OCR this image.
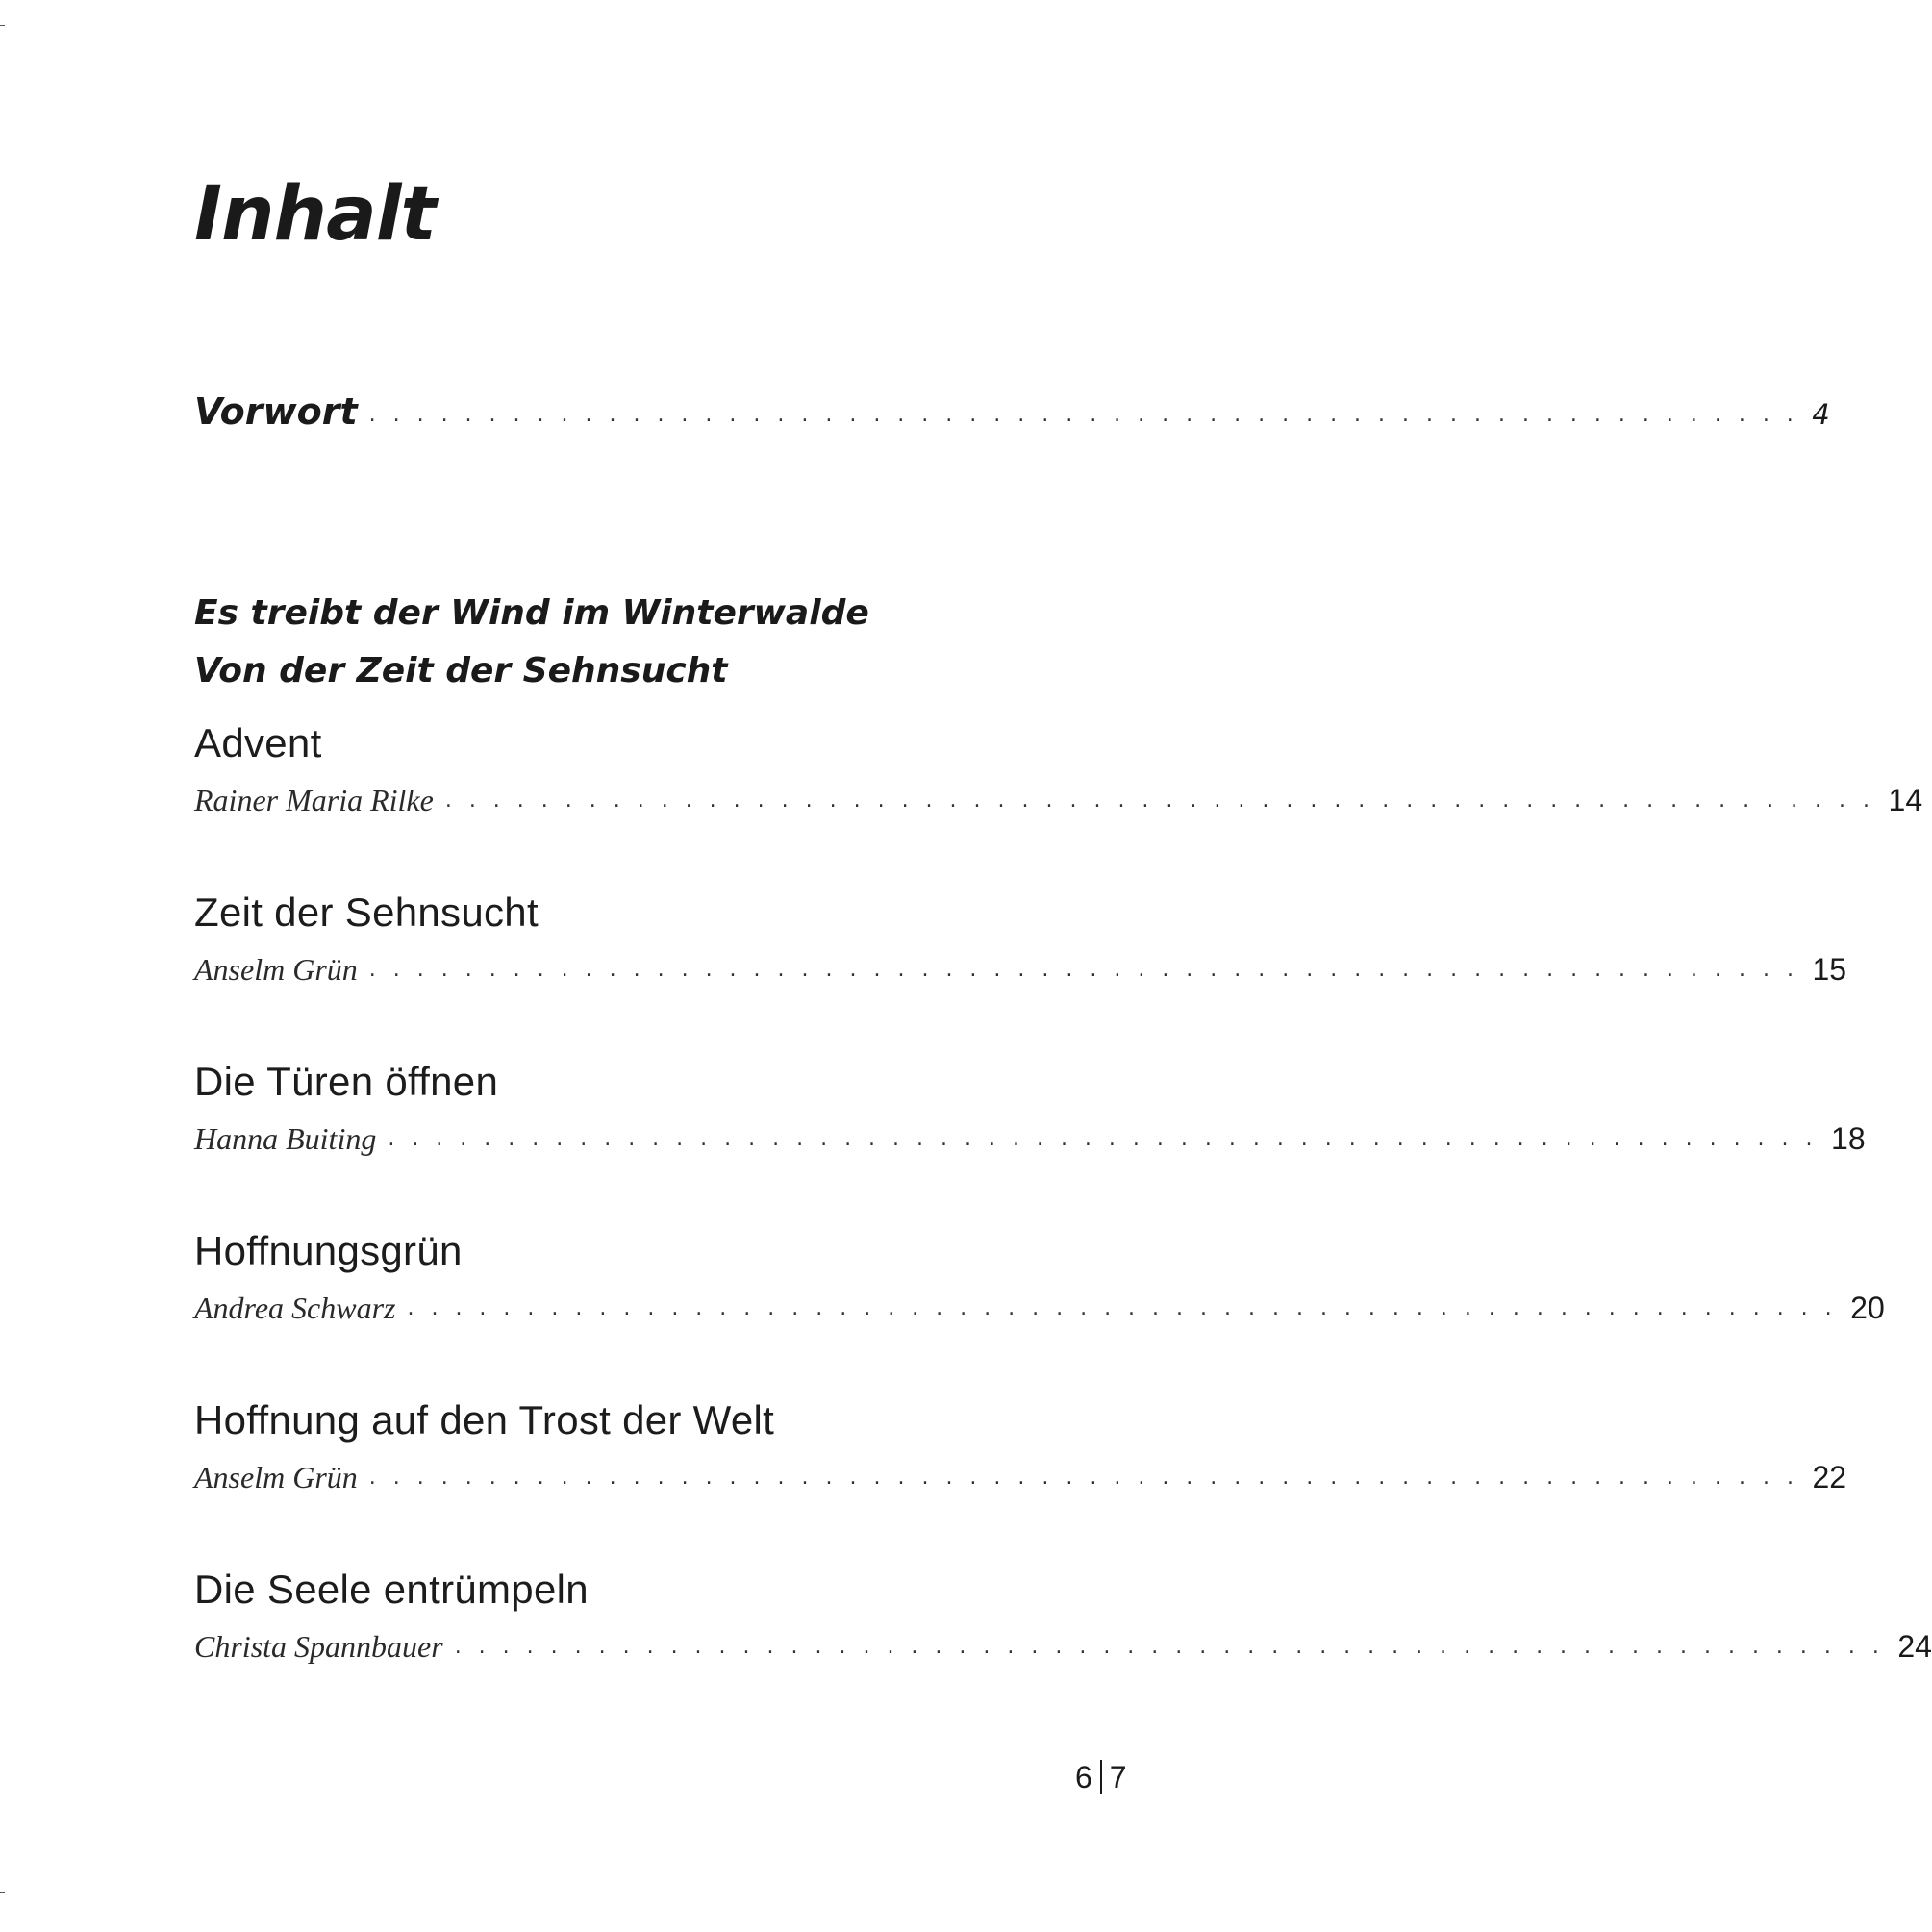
Inhalt
Vorwort . . . . . . . . . . . . . . . . . . . . . . . . . . . . . . . . . . . . . . . . . . . . . . . . . . . . . . . . . . . . 4
Es treibt der Wind im Winterwalde
Von der Zeit der Sehnsucht
Advent
Rainer Maria Rilke . . . . . . . . . . . . . . . . . . . . . . . . . . . . . . . . . . . . . . . . . . . . . . . . . . . . . . . . . . . . 14
Zeit der Sehnsucht
Anselm Grün . . . . . . . . . . . . . . . . . . . . . . . . . . . . . . . . . . . . . . . . . . . . . . . . . . . . . . . . . . . . 15
Die Türen öffnen
Hanna Buiting . . . . . . . . . . . . . . . . . . . . . . . . . . . . . . . . . . . . . . . . . . . . . . . . . . . . . . . . . . . . 18
Hoffnungsgrün
Andrea Schwarz . . . . . . . . . . . . . . . . . . . . . . . . . . . . . . . . . . . . . . . . . . . . . . . . . . . . . . . . . . . . 20
Hoffnung auf den Trost der Welt
Anselm Grün . . . . . . . . . . . . . . . . . . . . . . . . . . . . . . . . . . . . . . . . . . . . . . . . . . . . . . . . . . . . 22
Die Seele entrümpeln
Christa Spannbauer . . . . . . . . . . . . . . . . . . . . . . . . . . . . . . . . . . . . . . . . . . . . . . . . . . . . . . . . . . . . 24
6 7
